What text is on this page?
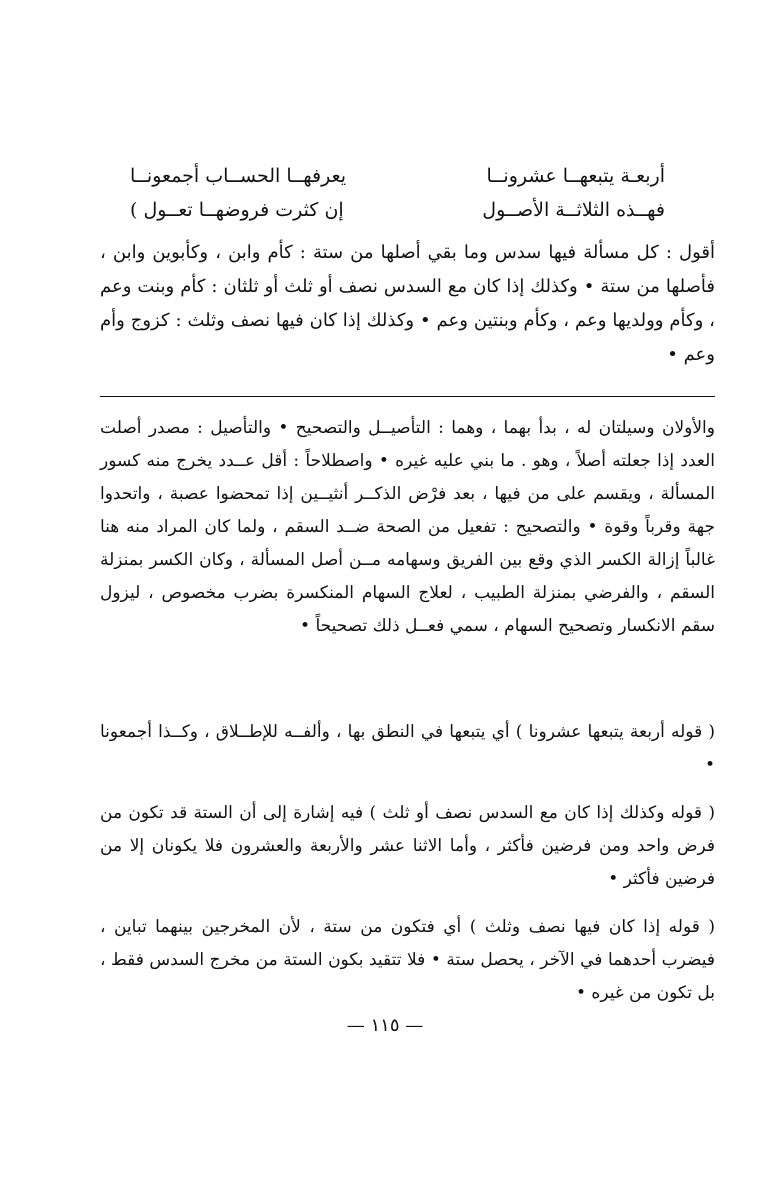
أربعـة يتبعهــا عشرونــا
يعرفهــا الحســاب أجمعونــا
فهــذه الثلاثــة الأصــول
إن كثرت فروضهــا تعــول )

أقول : كل مسألة فيها سدس وما بقي أصلها من ستة : كأم وابن ، وكأبوين وابن ، فأصلها من ستة • وكذلك إذا كان مع السدس نصف أو ثلث أو ثلثان : كأم وبنت وعم ، وكأم وولديها وعم ، وكأم وبنتين وعم • وكذلك إذا كان فيها نصف وثلث : كزوج وأم وعم •

والأولان وسيلتان له ، بدأ بهما ، وهما : التأصيــل والتصحيح • والتأصيل : مصدر أصلت العدد إذا جعلته أصلاً ، وهو . ما بني عليه غيره • واصطلاحاً : أقل عــدد يخرج منه كسور المسألة ، ويقسم على من فيها ، بعد فرْض الذكــر أنثيــين إذا تمحضوا عصبة ، واتحدوا جهة وقرباً وقوة • والتصحيح : تفعيل من الصحة ضــد السقم ، ولما كان المراد منه هنا غالباً إزالة الكسر الذي وقع بين الفريق وسهامه مــن أصل المسألة ، وكان الكسر بمنزلة السقم ، والفرضي بمنزلة الطبيب ، لعلاج السهام المنكسرة بضرب مخصوص ، ليزول سقم الانكسار وتصحيح السهام ، سمي فعــل ذلك تصحيحاً •

( قوله أربعة يتبعها عشرونا ) أي يتبعها في النطق بها ، وألفــه للإطــلاق ، وكــذا أجمعونا •

( قوله وكذلك إذا كان مع السدس نصف أو ثلث ) فيه إشارة إلى أن الستة قد تكون من فرض واحد ومن فرضين فأكثر ، وأما الاثنا عشر والأربعة والعشرون فلا يكونان إلا من فرضين فأكثر •

( قوله إذا كان فيها نصف وثلث ) أي فتكون من ستة ، لأن المخرجين بينهما تباين ، فيضرب أحدهما في الآخر ، يحصل ستة • فلا تتقيد بكون الستة من مخرج السدس فقط ، بل تكون من غيره •

— ١١٥ —
